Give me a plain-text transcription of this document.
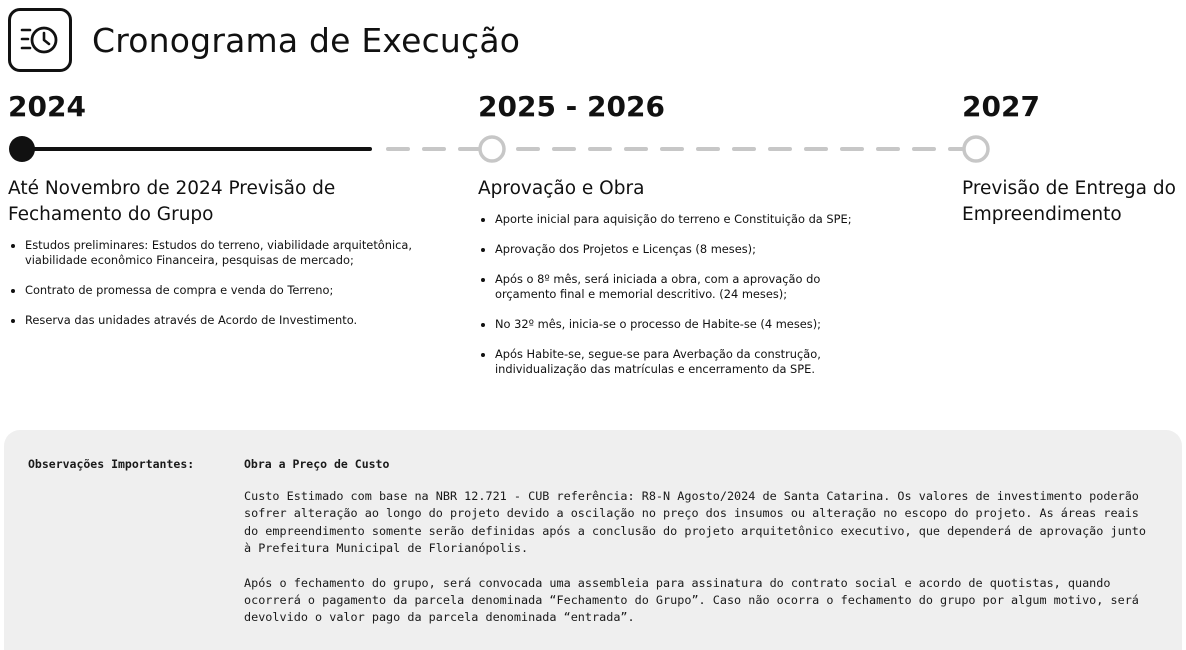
Cronograma de Execução
2024	2025 - 2026	2027
Até Novembro de 2024 Previsão de Fechamento do Grupo
Estudos preliminares: Estudos do terreno, viabilidade arquitetônica, viabilidade econômico Financeira, pesquisas de mercado;
Contrato de promessa de compra e venda do Terreno;
Reserva das unidades através de Acordo de Investimento.
Aprovação e Obra
Aporte inicial para aquisição do terreno e Constituição da SPE;
Aprovação dos Projetos e Licenças (8 meses);
Após o 8º mês, será iniciada a obra, com a aprovação do orçamento final e memorial descritivo. (24 meses);
No 32º mês, inicia-se o processo de Habite-se (4 meses);
Após Habite-se, segue-se para Averbação da construção, individualização das matrículas e encerramento da SPE.
Previsão de Entrega do Empreendimento
Observações Importantes:	Obra a Preço de Custo

Custo Estimado com base na NBR 12.721 - CUB referência: R8-N Agosto/2024 de Santa Catarina. Os valores de investimento poderão sofrer alteração ao longo do projeto devido a oscilação no preço dos insumos ou alteração no escopo do projeto. As áreas reais do empreendimento somente serão definidas após a conclusão do projeto arquitetônico executivo, que dependerá de aprovação junto à Prefeitura Municipal de Florianópolis.

Após o fechamento do grupo, será convocada uma assembleia para assinatura do contrato social e acordo de quotistas, quando ocorrerá o pagamento da parcela denominada “Fechamento do Grupo”. Caso não ocorra o fechamento do grupo por algum motivo, será devolvido o valor pago da parcela denominada “entrada”.
